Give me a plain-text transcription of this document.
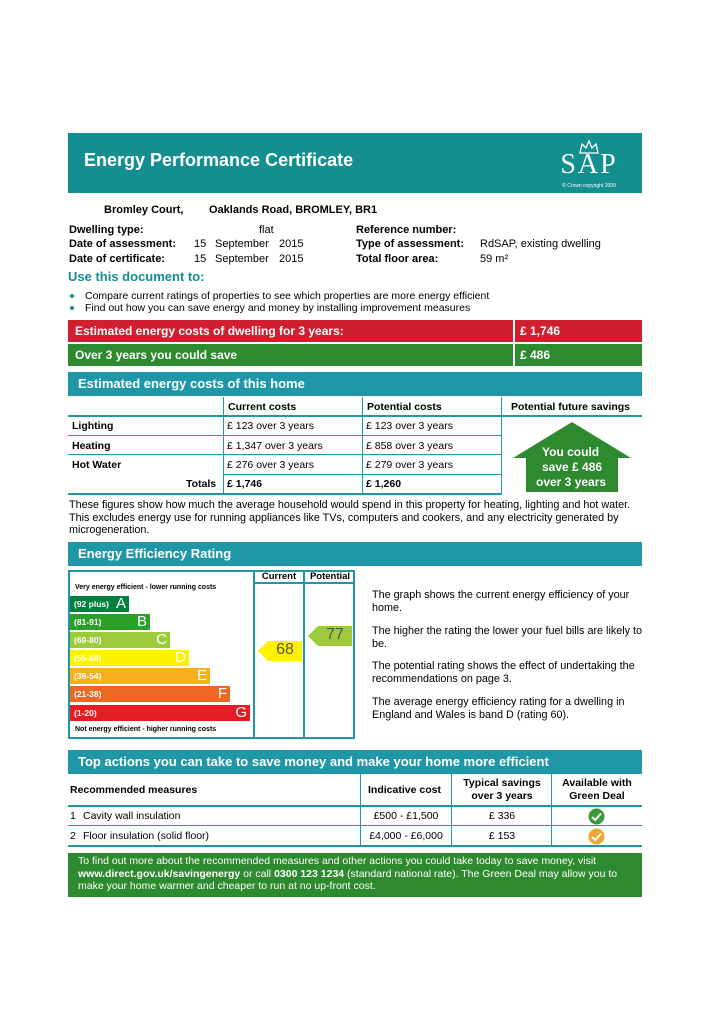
Energy Performance Certificate	SAP
© Crown copyright 2009
Bromley Court, Oaklands Road, BROMLEY, BR1
Dwelling type:	flat
Date of assessment: 15 September 2015
Date of certificate:	15 September 2015
Reference number:
Type of assessment: RdSAP, existing dwelling
Total floor area:	59 m²
Use this document to:
Compare current ratings of properties to see which properties are more energy efficient
Find out how you can save energy and money by installing improvement measures
Estimated energy costs of dwelling for 3 years:	£ 1,746
Over 3 years you could save	£ 486
Estimated energy costs of this home
Current costs	Potential costs	Potential future savings
Lighting	£ 123 over 3 years	£ 123 over 3 years
Heating	£ 1,347 over 3 years	£ 858 over 3 years
Hot Water	£ 276 over 3 years	£ 279 over 3 years
Totals £ 1,746	£ 1,260
You could
save £ 486
over 3 years
These figures show how much the average household would spend in this property for heating, lighting and hot water. This excludes energy use for running appliances like TVs, computers and cookers, and any electricity generated by microgeneration.
Energy Efficiency Rating
Current	Potential
Very energy efficient - lower running costs
Not energy efficient - higher running costs
(92 plus) A
(81-91) B
(69-80)	C
(55-68)	D
(39-54)	E
(21-38)	F
(1-20)	G
68
77
The graph shows the current energy efficiency of your home.
The higher the rating the lower your fuel bills are likely to be.
The potential rating shows the effect of undertaking the recommendations on page 3.
The average energy efficiency rating for a dwelling in England and Wales is band D (rating 60).
Top actions you can take to save money and make your home more efficient
Recommended measures	Indicative cost
Typical savings
over 3 years
Available with
Green Deal
1 Cavity wall insulation	£500 - £1,500	£ 336
2 Floor insulation (solid floor)	£4,000 - £6,000	£ 153
To find out more about the recommended measures and other actions you could take today to save money, visit www.direct.gov.uk/savingenergy or call 0300 123 1234 (standard national rate). The Green Deal may allow you to make your home warmer and cheaper to run at no up-front cost.
